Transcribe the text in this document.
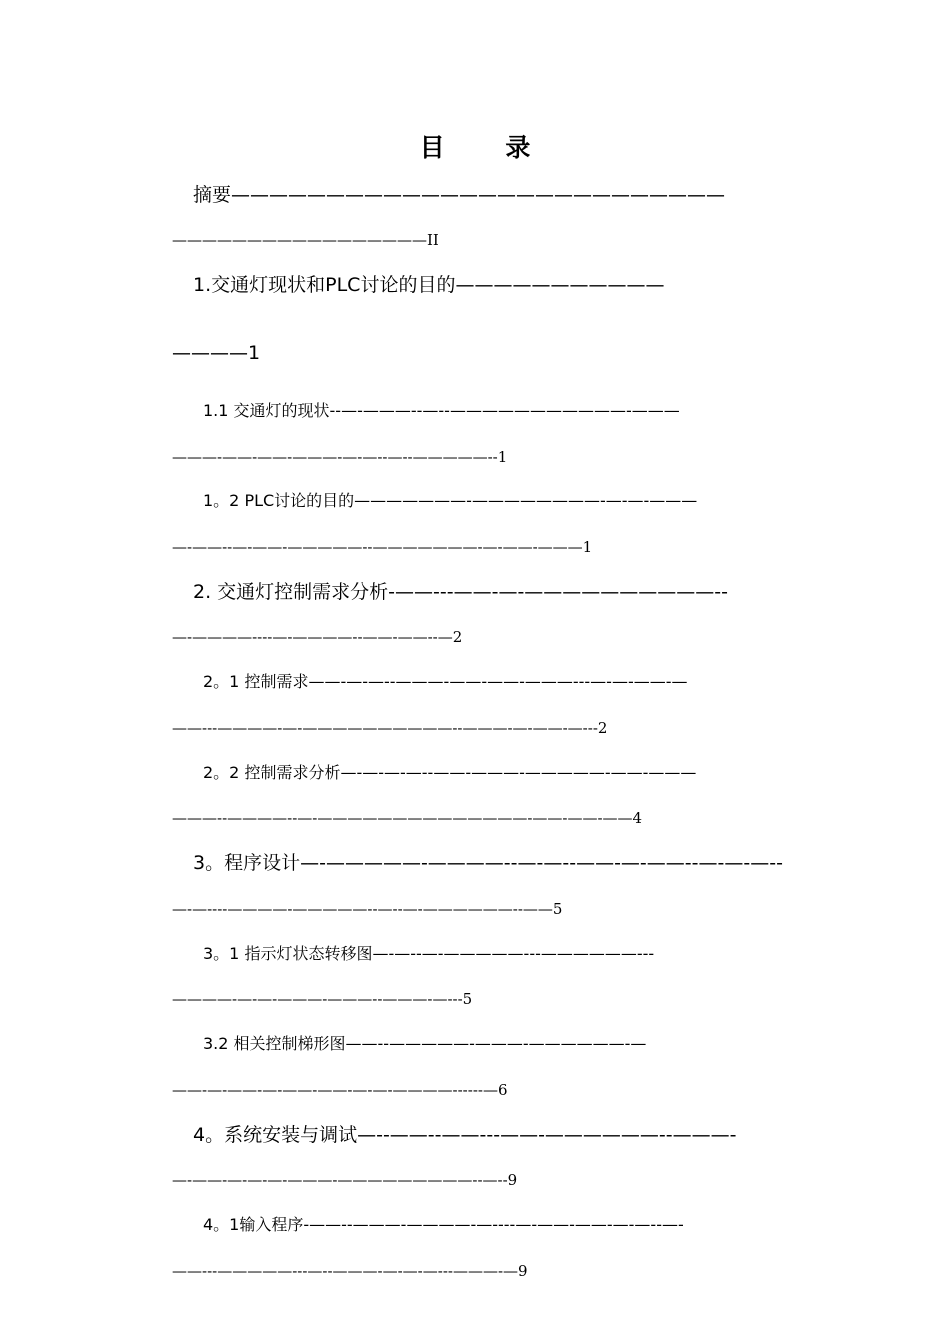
目 录
摘要——————————————————————————
—————————————————II
1.交通灯现状和PLC讨论的目的———————————
————1
1.1 交通灯的现状--—-———--—--———————————-———
———-——-——-———-—-—--—--—————--1
1。2 PLC讨论的目的———————-————————-—-—-———
—-——--—-——-—————--———————-—-——-———1
2. 交通灯控制需求分析-——---——-—-——————————--
—-————----—-————--——-——--—2
2。1 控制需求——-—-—--———-——-——-———---—-—-——-—
——---————-—-——————————--———-—-——-—---2
2。2 控制需求分析—-—-—-—--——-———-—————-——-———
———--————--—-——————————————-——-——-——4
3。程序设计—-—————-————--—-—--——-—-——--—-—-—--
—-—----————-—————--—--—-——————--——5
3。1 指示灯状态转移图—-—--—-—————---——————---
————-—-—-———-———--———-—---5
3.2 相关控制梯形图——--—————-———-——————-—
——-—-——-—-——-——-—-—-————------—6
4。系统安装与调试—--——--——---——-——————--———-
—-——-—-—-—-———-—————————--—--9
4。1输入程序-——--———-————-—----—-——-——-—-—--—-
——---—————---—--———-—-—-—---———-—9
